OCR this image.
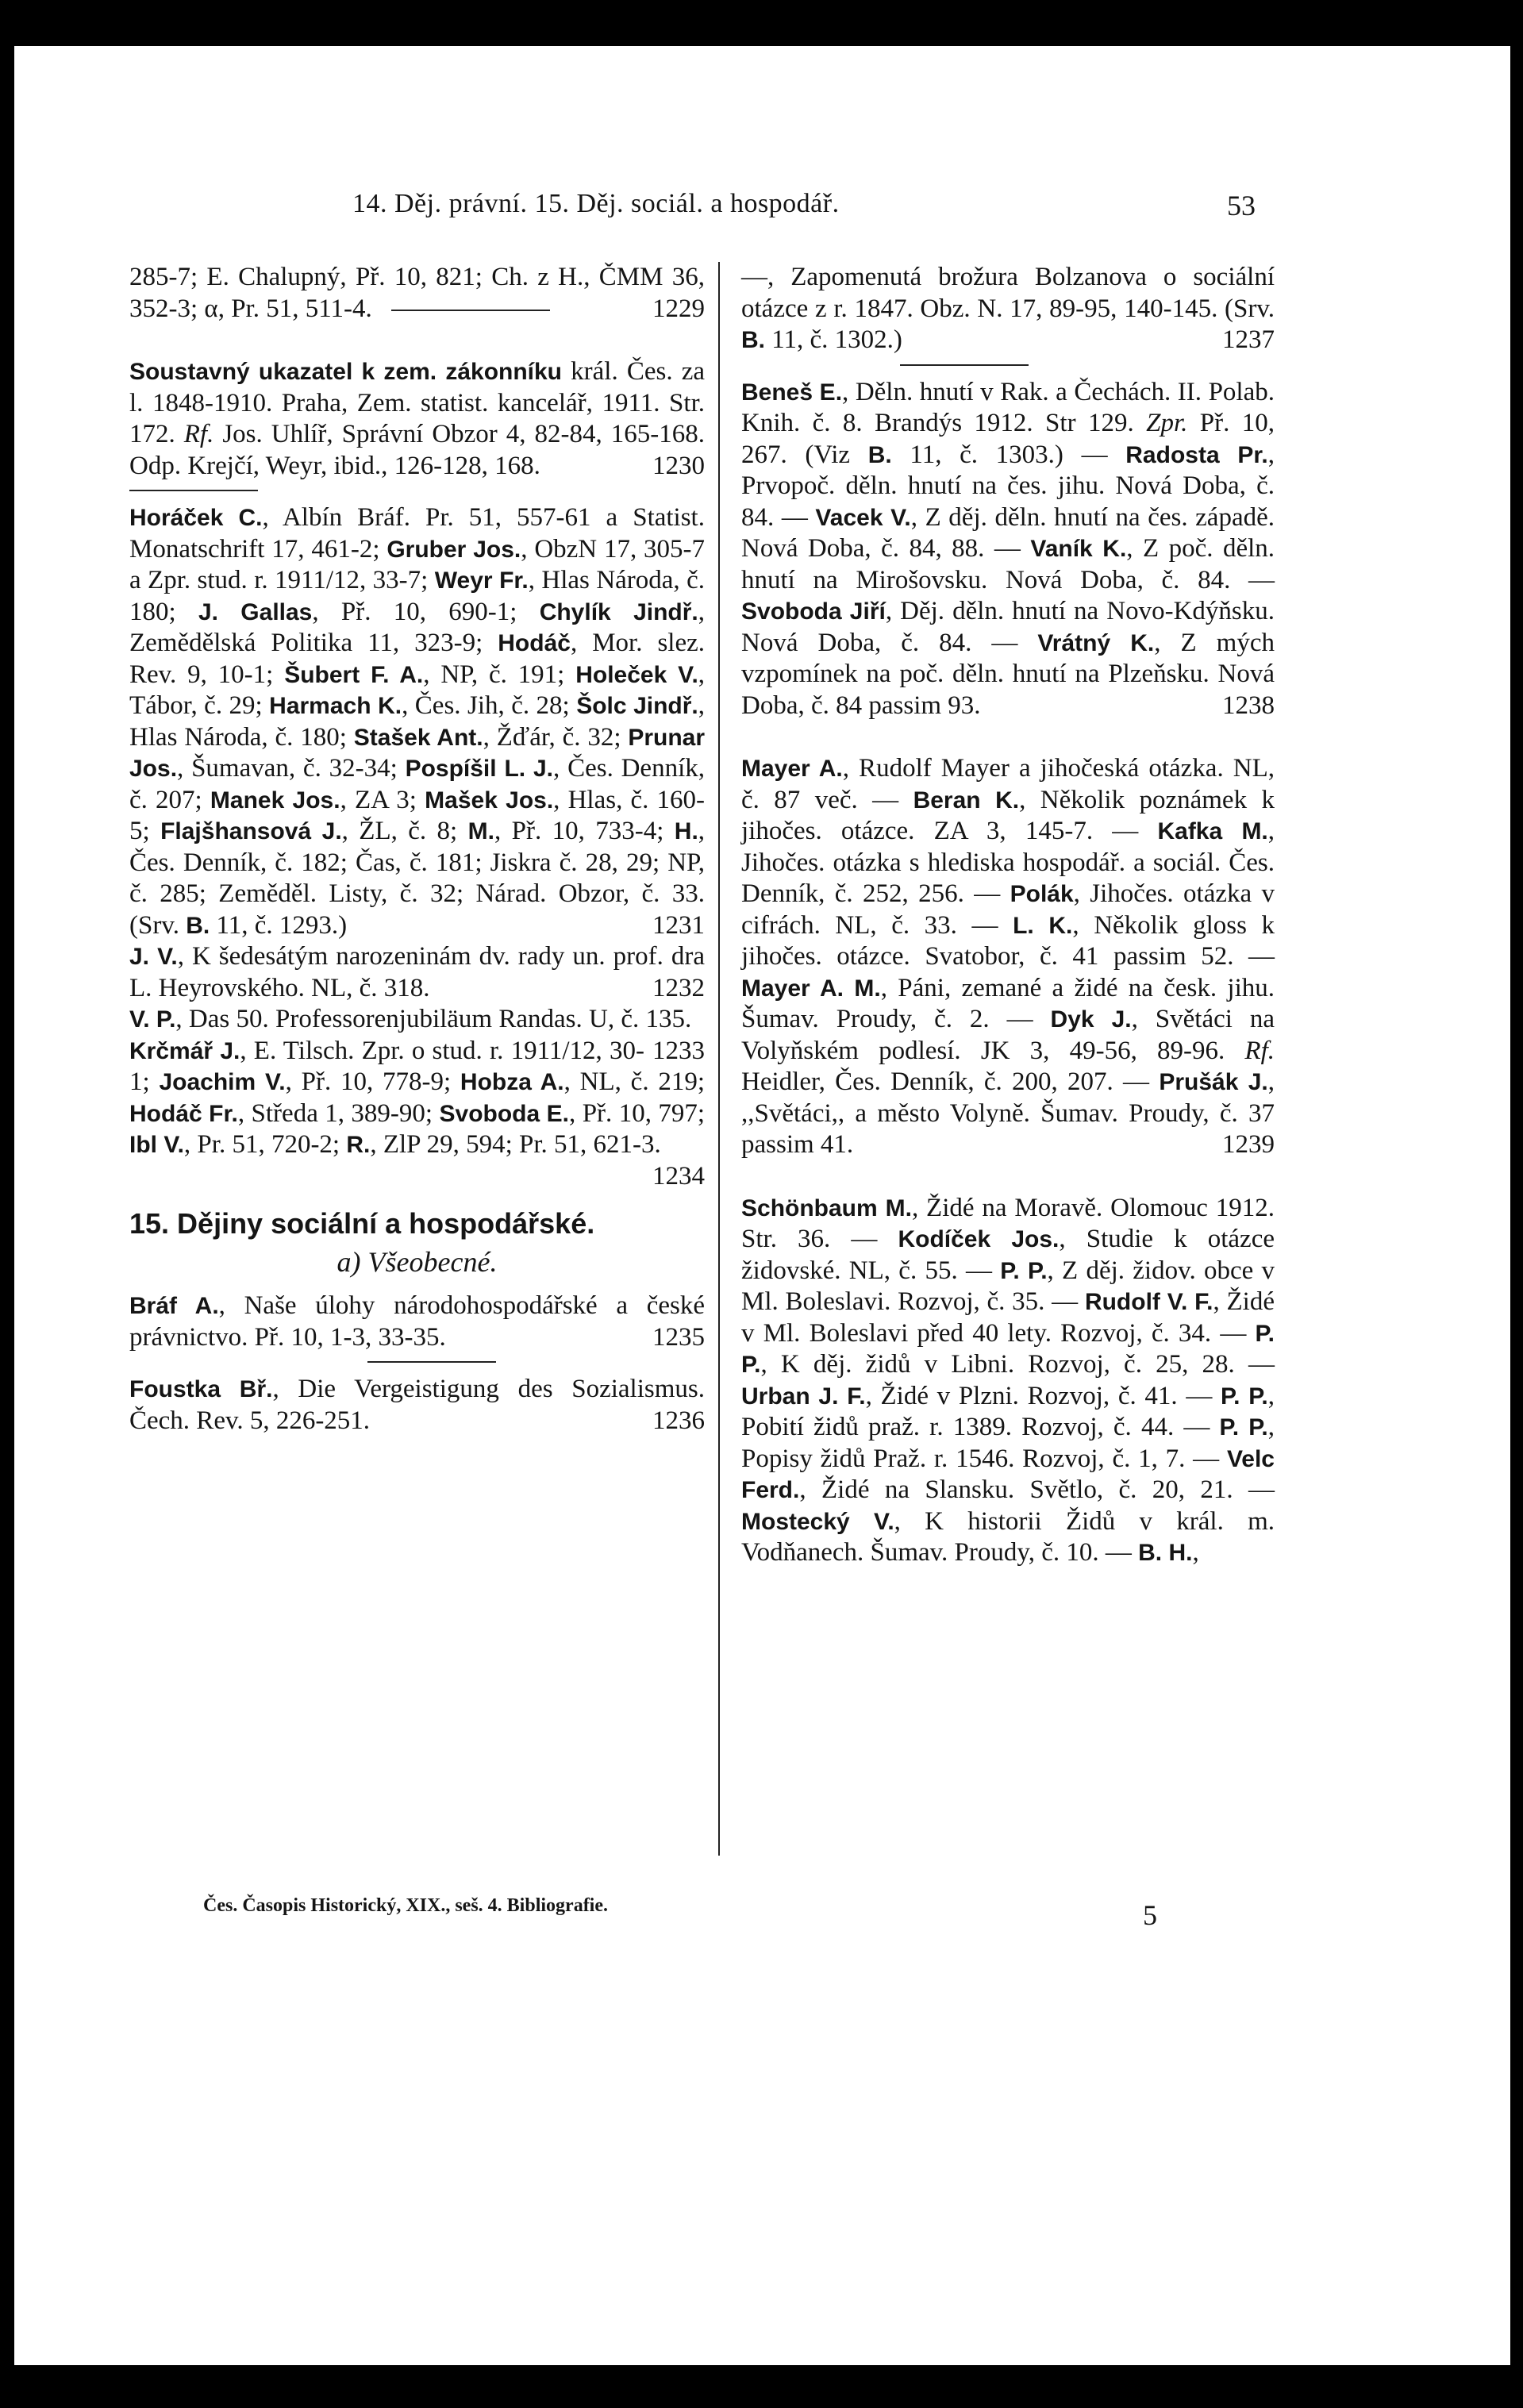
14. Děj. právní. 15. Děj. sociál. a hospodář.	53

285-7; E. Chalupný, Př. 10, 821; Ch. z H., ČMM 36, 352-3; α, Pr. 51, 511-4.	1229

Soustavný ukazatel k zem. zákonníku král. Čes. za l. 1848-1910. Praha, Zem. statist. kancelář, 1911. Str. 172. Rf. Jos. Uhlíř, Správní Obzor 4, 82-84, 165-168. Odp. Krejčí, Weyr, ibid., 126-128, 168.	1230

Horáček C., Albín Bráf. Pr. 51, 557-61 a Statist. Monatschrift 17, 461-2; Gruber Jos., ObzN 17, 305-7 a Zpr. stud. r. 1911/12, 33-7; Weyr Fr., Hlas Národa, č. 180; J. Gallas, Př. 10, 690-1; Chylík Jindř., Zemědělská Politika 11, 323-9; Hodáč, Mor. slez. Rev. 9, 10-1; Šubert F. A., NP, č. 191; Holeček V., Tábor, č. 29; Harmach K., Čes. Jih, č. 28; Šolc Jindř., Hlas Národa, č. 180; Stašek Ant., Žďár, č. 32; Prunar Jos., Šumavan, č. 32-34; Pospíšil L. J., Čes. Denník, č. 207; Manek Jos., ZA 3; Mašek Jos., Hlas, č. 160-5; Flajšhansová J., ŽL, č. 8; M., Př. 10, 733-4; H., Čes. Denník, č. 182; Čas, č. 181; Jiskra č. 28, 29; NP, č. 285; Zeměděl. Listy, č. 32; Nárad. Obzor, č. 33. (Srv. B. 11, č. 1293.)	1231

J. V., K šedesátým narozeninám dv. rady un. prof. dra L. Heyrovského. NL, č. 318.	1232

V. P., Das 50. Professorenjubiläum Randas. U, č. 135.
1233

Krčmář J., E. Tilsch. Zpr. o stud. r. 1911/12, 30-1; Joachim V., Př. 10, 778-9; Hobza A., NL, č. 219; Hodáč Fr., Středa 1, 389-90; Svoboda E., Př. 10, 797; Ibl V., Pr. 51, 720-2; R., ZlP 29, 594; Pr. 51, 621-3.
1234

15. Dějiny sociální a hospodářské.

a) Všeobecné.

Bráf A., Naše úlohy národohospodářské a české právnictvo. Př. 10, 1-3, 33-35.	1235

Foustka Bř., Die Vergeistigung des Sozialismus. Čech. Rev. 5, 226-251.	1236

—, Zapomenutá brožura Bolzanova o sociální otázce z r. 1847. Obz. N. 17, 89-95, 140-145. (Srv. B. 11, č. 1302.)	1237

Beneš E., Děln. hnutí v Rak. a Čechách. II. Polab. Knih. č. 8. Brandýs 1912. Str 129. Zpr. Př. 10, 267. (Viz B. 11, č. 1303.) — Radosta Pr., Prvopoč. děln. hnutí na čes. jihu. Nová Doba, č. 84. — Vacek V., Z děj. děln. hnutí na čes. západě. Nová Doba, č. 84, 88. — Vaník K., Z poč. děln. hnutí na Mirošovsku. Nová Doba, č. 84. — Svoboda Jiří, Děj. děln. hnutí na Novo-Kdýňsku. Nová Doba, č. 84. — Vrátný K., Z mých vzpomínek na poč. děln. hnutí na Plzeňsku. Nová Doba, č. 84 passim 93.	1238

Mayer A., Rudolf Mayer a jihočeská otázka. NL, č. 87 več. — Beran K., Několik poznámek k jihočes. otázce. ZA 3, 145-7. — Kafka M., Jihočes. otázka s hlediska hospodář. a sociál. Čes. Denník, č. 252, 256. — Polák, Jihočes. otázka v cifrách. NL, č. 33. — L. K., Několik gloss k jihočes. otázce. Svatobor, č. 41 passim 52. — Mayer A. M., Páni, zemané a židé na česk. jihu. Šumav. Proudy, č. 2. — Dyk J., Světáci na Volyňském podlesí. JK 3, 49-56, 89-96. Rf. Heidler, Čes. Denník, č. 200, 207. — Prušák J., ,,Světáci,, a město Volyně. Šumav. Proudy, č. 37 passim 41.	1239

Schönbaum M., Židé na Moravě. Olomouc 1912. Str. 36. — Kodíček Jos., Studie k otázce židovské. NL, č. 55. — P. P., Z děj. židov. obce v Ml. Boleslavi. Rozvoj, č. 35. — Rudolf V. F., Židé v Ml. Boleslavi před 40 lety. Rozvoj, č. 34. — P. P., K děj. židů v Libni. Rozvoj, č. 25, 28. — Urban J. F., Židé v Plzni. Rozvoj, č. 41. — P. P., Pobití židů praž. r. 1389. Rozvoj, č. 44. — P. P., Popisy židů Praž. r. 1546. Rozvoj, č. 1, 7. — Velc Ferd., Židé na Slansku. Světlo, č. 20, 21. — Mostecký V., K historii Židů v král. m. Vodňanech. Šumav. Proudy, č. 10. — B. H.,

Čes. Časopis Historický, XIX., seš. 4. Bibliografie.	5
